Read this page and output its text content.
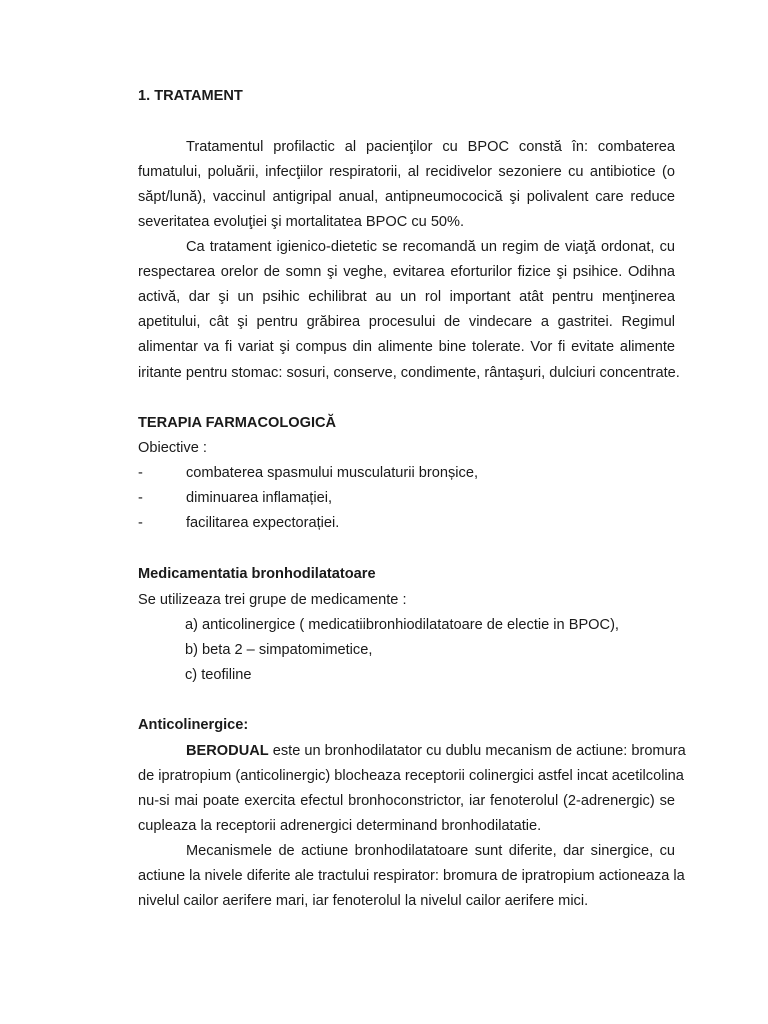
1. TRATAMENT
Tratamentul profilactic al pacienţilor cu BPOC constă în: combaterea
fumatului, poluării, infecţiilor respiratorii, al recidivelor sezoniere cu antibiotice (o
săpt/lună), vaccinul antigripal anual, antipneumococică şi polivalent care reduce
severitatea evoluţiei şi mortalitatea BPOC cu 50%.
Ca tratament igienico-dietetic se recomandă un regim de viaţă ordonat, cu
respectarea orelor de somn şi veghe, evitarea eforturilor fizice şi psihice. Odihna
activă, dar şi un psihic echilibrat au un rol important atât pentru menţinerea
apetitului, cât şi pentru grăbirea procesului de vindecare a gastritei. Regimul
alimentar va fi variat şi compus din alimente bine tolerate. Vor fi evitate alimente
iritante pentru stomac: sosuri, conserve, condimente, rântaşuri, dulciuri concentrate.
TERAPIA FARMACOLOGICĂ
Obiective :
-	combaterea spasmului musculaturii bronșice,
-	diminuarea inflamației,
-	facilitarea expectorației.
Medicamentatia bronhodilatatoare
Se utilizeaza trei grupe de medicamente :
a) anticolinergice ( medicatiibronhiodilatatoare de electie in BPOC),
b) beta 2 – simpatomimetice,
c) teofiline
Anticolinergice:
BERODUAL este un bronhodilatator cu dublu mecanism de actiune: bromura
de ipratropium (anticolinergic) blocheaza receptorii colinergici astfel incat acetilcolina
nu-si mai poate exercita efectul bronhoconstrictor, iar fenoterolul (2-adrenergic) se
cupleaza la receptorii adrenergici determinand bronhodilatatie.
Mecanismele de actiune bronhodilatatoare sunt diferite, dar sinergice, cu
actiune la nivele diferite ale tractului respirator: bromura de ipratropium actioneaza la
nivelul cailor aerifere mari, iar fenoterolul la nivelul cailor aerifere mici.
